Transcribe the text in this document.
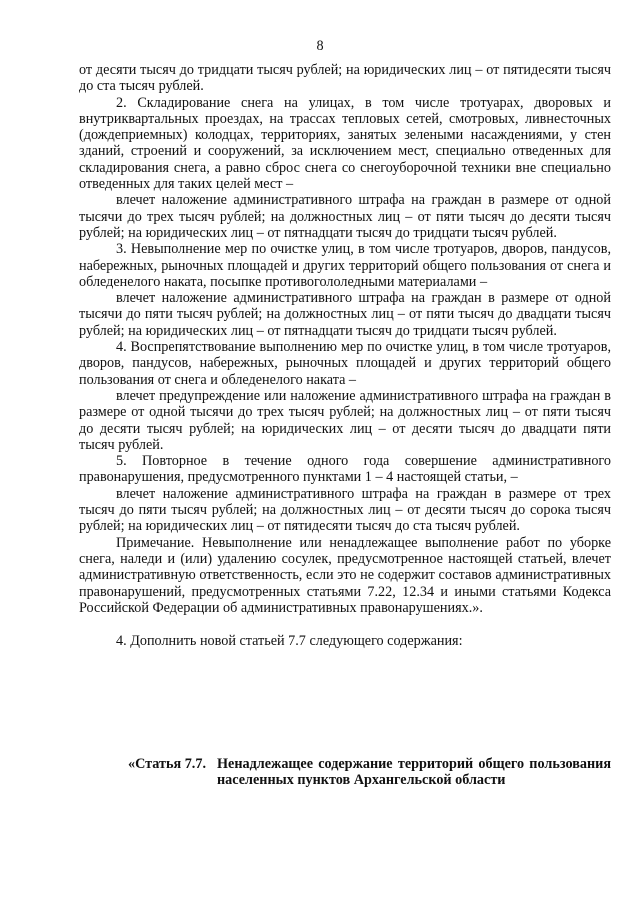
8

от десяти тысяч до тридцати тысяч рублей; на юридических лиц – от пятидесяти тысяч до ста тысяч рублей.

2. Складирование снега на улицах, в том числе тротуарах, дворовых и внутриквартальных проездах, на трассах тепловых сетей, смотровых, ливнесточных (дождеприемных) колодцах, территориях, занятых зелеными насаждениями, у стен зданий, строений и сооружений, за исключением мест, специально отведенных для складирования снега, а равно сброс снега со снегоуборочной техники вне специально отведенных для таких целей мест –

влечет наложение административного штрафа на граждан в размере от одной тысячи до трех тысяч рублей; на должностных лиц – от пяти тысяч до десяти тысяч рублей; на юридических лиц – от пятнадцати тысяч до тридцати тысяч рублей.

3. Невыполнение мер по очистке улиц, в том числе тротуаров, дворов, пандусов, набережных, рыночных площадей и других территорий общего пользования от снега и обледенелого наката, посыпке противогололедными материалами –

влечет наложение административного штрафа на граждан в размере от одной тысячи до пяти тысяч рублей; на должностных лиц – от пяти тысяч до двадцати тысяч рублей; на юридических лиц – от пятнадцати тысяч до тридцати тысяч рублей.

4. Воспрепятствование выполнению мер по очистке улиц, в том числе тротуаров, дворов, пандусов, набережных, рыночных площадей и других территорий общего пользования от снега и обледенелого наката –

влечет предупреждение или наложение административного штрафа на граждан в размере от одной тысячи до трех тысяч рублей; на должностных лиц – от пяти тысяч до десяти тысяч рублей; на юридических лиц – от десяти тысяч до двадцати пяти тысяч рублей.

5. Повторное в течение одного года совершение административного правонарушения, предусмотренного пунктами 1 – 4 настоящей статьи, –

влечет наложение административного штрафа на граждан в размере от трех тысяч до пяти тысяч рублей; на должностных лиц – от десяти тысяч до сорока тысяч рублей; на юридических лиц – от пятидесяти тысяч до ста тысяч рублей.

Примечание. Невыполнение или ненадлежащее выполнение работ по уборке снега, наледи и (или) удалению сосулек, предусмотренное настоящей статьей, влечет административную ответственность, если это не содержит составов административных правонарушений, предусмотренных статьями 7.22, 12.34 и иными статьями Кодекса Российской Федерации об административных правонарушениях.».

4. Дополнить новой статьей 7.7 следующего содержания:

«Статья 7.7. Ненадлежащее содержание территорий общего пользования населенных пунктов Архангельской области
